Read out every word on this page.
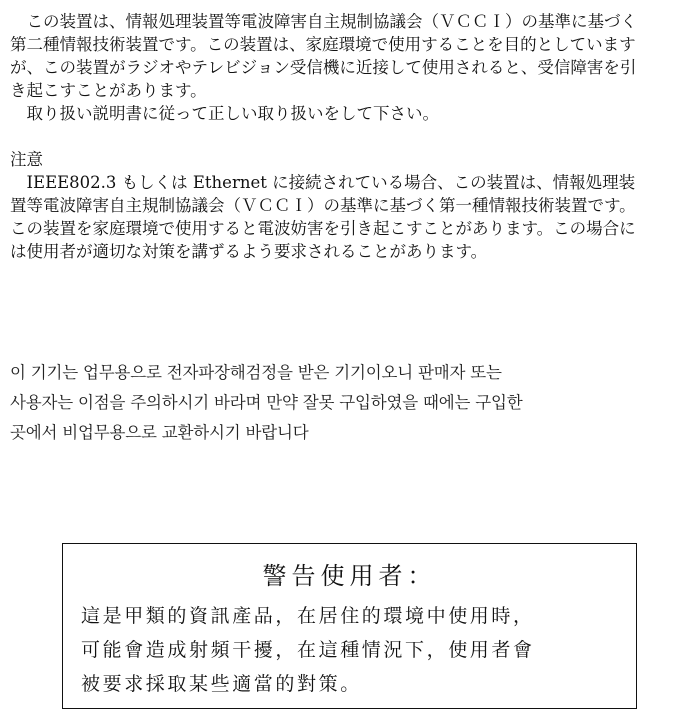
この装置は、情報処理装置等電波障害自主規制協議会（ＶＣＣＩ）の基準に基づく第二種情報技術装置です。この装置は、家庭環境で使用することを目的としていますが、この装置がラジオやテレビジョン受信機に近接して使用されると、受信障害を引き起こすことがあります。

取り扱い説明書に従って正しい取り扱いをして下さい。

注意

IEEE802.3 もしくは Ethernet に接続されている場合、この装置は、情報処理装置等電波障害自主規制協議会（ＶＣＣＩ）の基準に基づく第一種情報技術装置です。この装置を家庭環境で使用すると電波妨害を引き起こすことがあります。この場合には使用者が適切な対策を講ずるよう要求されることがあります。

이 기기는 업무용으로 전자파장해검정을 받은 기기이오니 판매자 또는

사용자는 이점을 주의하시기 바라며 만약 잘못 구입하였을 때에는 구입한

곳에서 비업무용으로 교환하시기 바랍니다

警告使用者：

這是甲類的資訊產品，在居住的環境中使用時，

可能會造成射頻干擾，在這種情況下，使用者會

被要求採取某些適當的對策。
